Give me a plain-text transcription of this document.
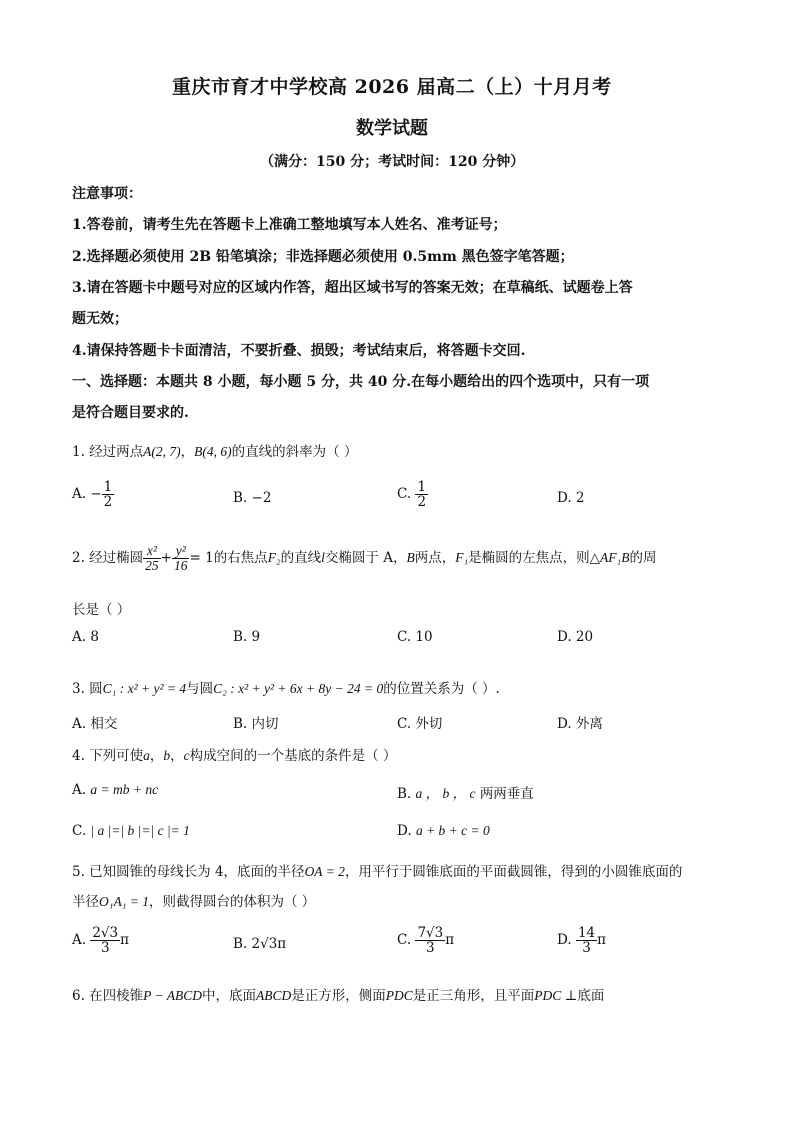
重庆市育才中学校高 2026 届高二（上）十月月考
数学试题
（满分：150 分；考试时间：120 分钟）
注意事项：
1.答卷前，请考生先在答题卡上准确工整地填写本人姓名、准考证号；
2.选择题必须使用 2B 铅笔填涂；非选择题必须使用 0.5mm 黑色签字笔答题；
3.请在答题卡中题号对应的区域内作答，超出区域书写的答案无效；在草稿纸、试题卷上答
题无效；
4.请保持答题卡卡面清洁，不要折叠、损毁；考试结束后，将答题卡交回.
一、选择题：本题共 8 小题，每小题 5 分，共 40 分.在每小题给出的四个选项中，只有一项
是符合题目要求的.
1. 经过两点A(2, 7)，B(4, 6)的直线的斜率为（ ）
A. − $\frac{1}{2}$	B. −2	C. $\frac{1}{2}$	D. 2
2. 经过椭圆 $\frac{\text{x²}}{25} + \frac{\text{y²}}{16} = 1$的右焦点F₂的直线l交椭圆于 A，B两点，F₁是椭圆的左焦点，则△AF₁B的周
长是（ ）
A. 8	B. 9	C. 10	D. 20
3. 圆C₁ : x² + y² = 4与圆C₂ : x² + y² + 6x + 8y − 24 = 0的位置关系为（ ）.
A. 相交	B. 内切	C. 外切	D. 外离
4. 下列可使a，b，c构成空间的一个基底的条件是（ ）
A. a = mb + nc	B. a ， b ， c 两两垂直
C. | a |=| b |=| c |= 1	D. a + b + c = 0
5. 已知圆锥的母线长为 4，底面的半径OA = 2，用平行于圆锥底面的平面截圆锥，得到的小圆锥底面的
半径O₁A₁ = 1，则截得圆台的体积为（ ）
A. $\frac{2√3}{3}$ π	B. 2√3π	C. $\frac{7√3}{3}$ π	D. $\frac{14}{3}$ π
6. 在四棱锥P − ABCD中，底面ABCD是正方形，侧面PDC是正三角形，且平面PDC ⊥底面
